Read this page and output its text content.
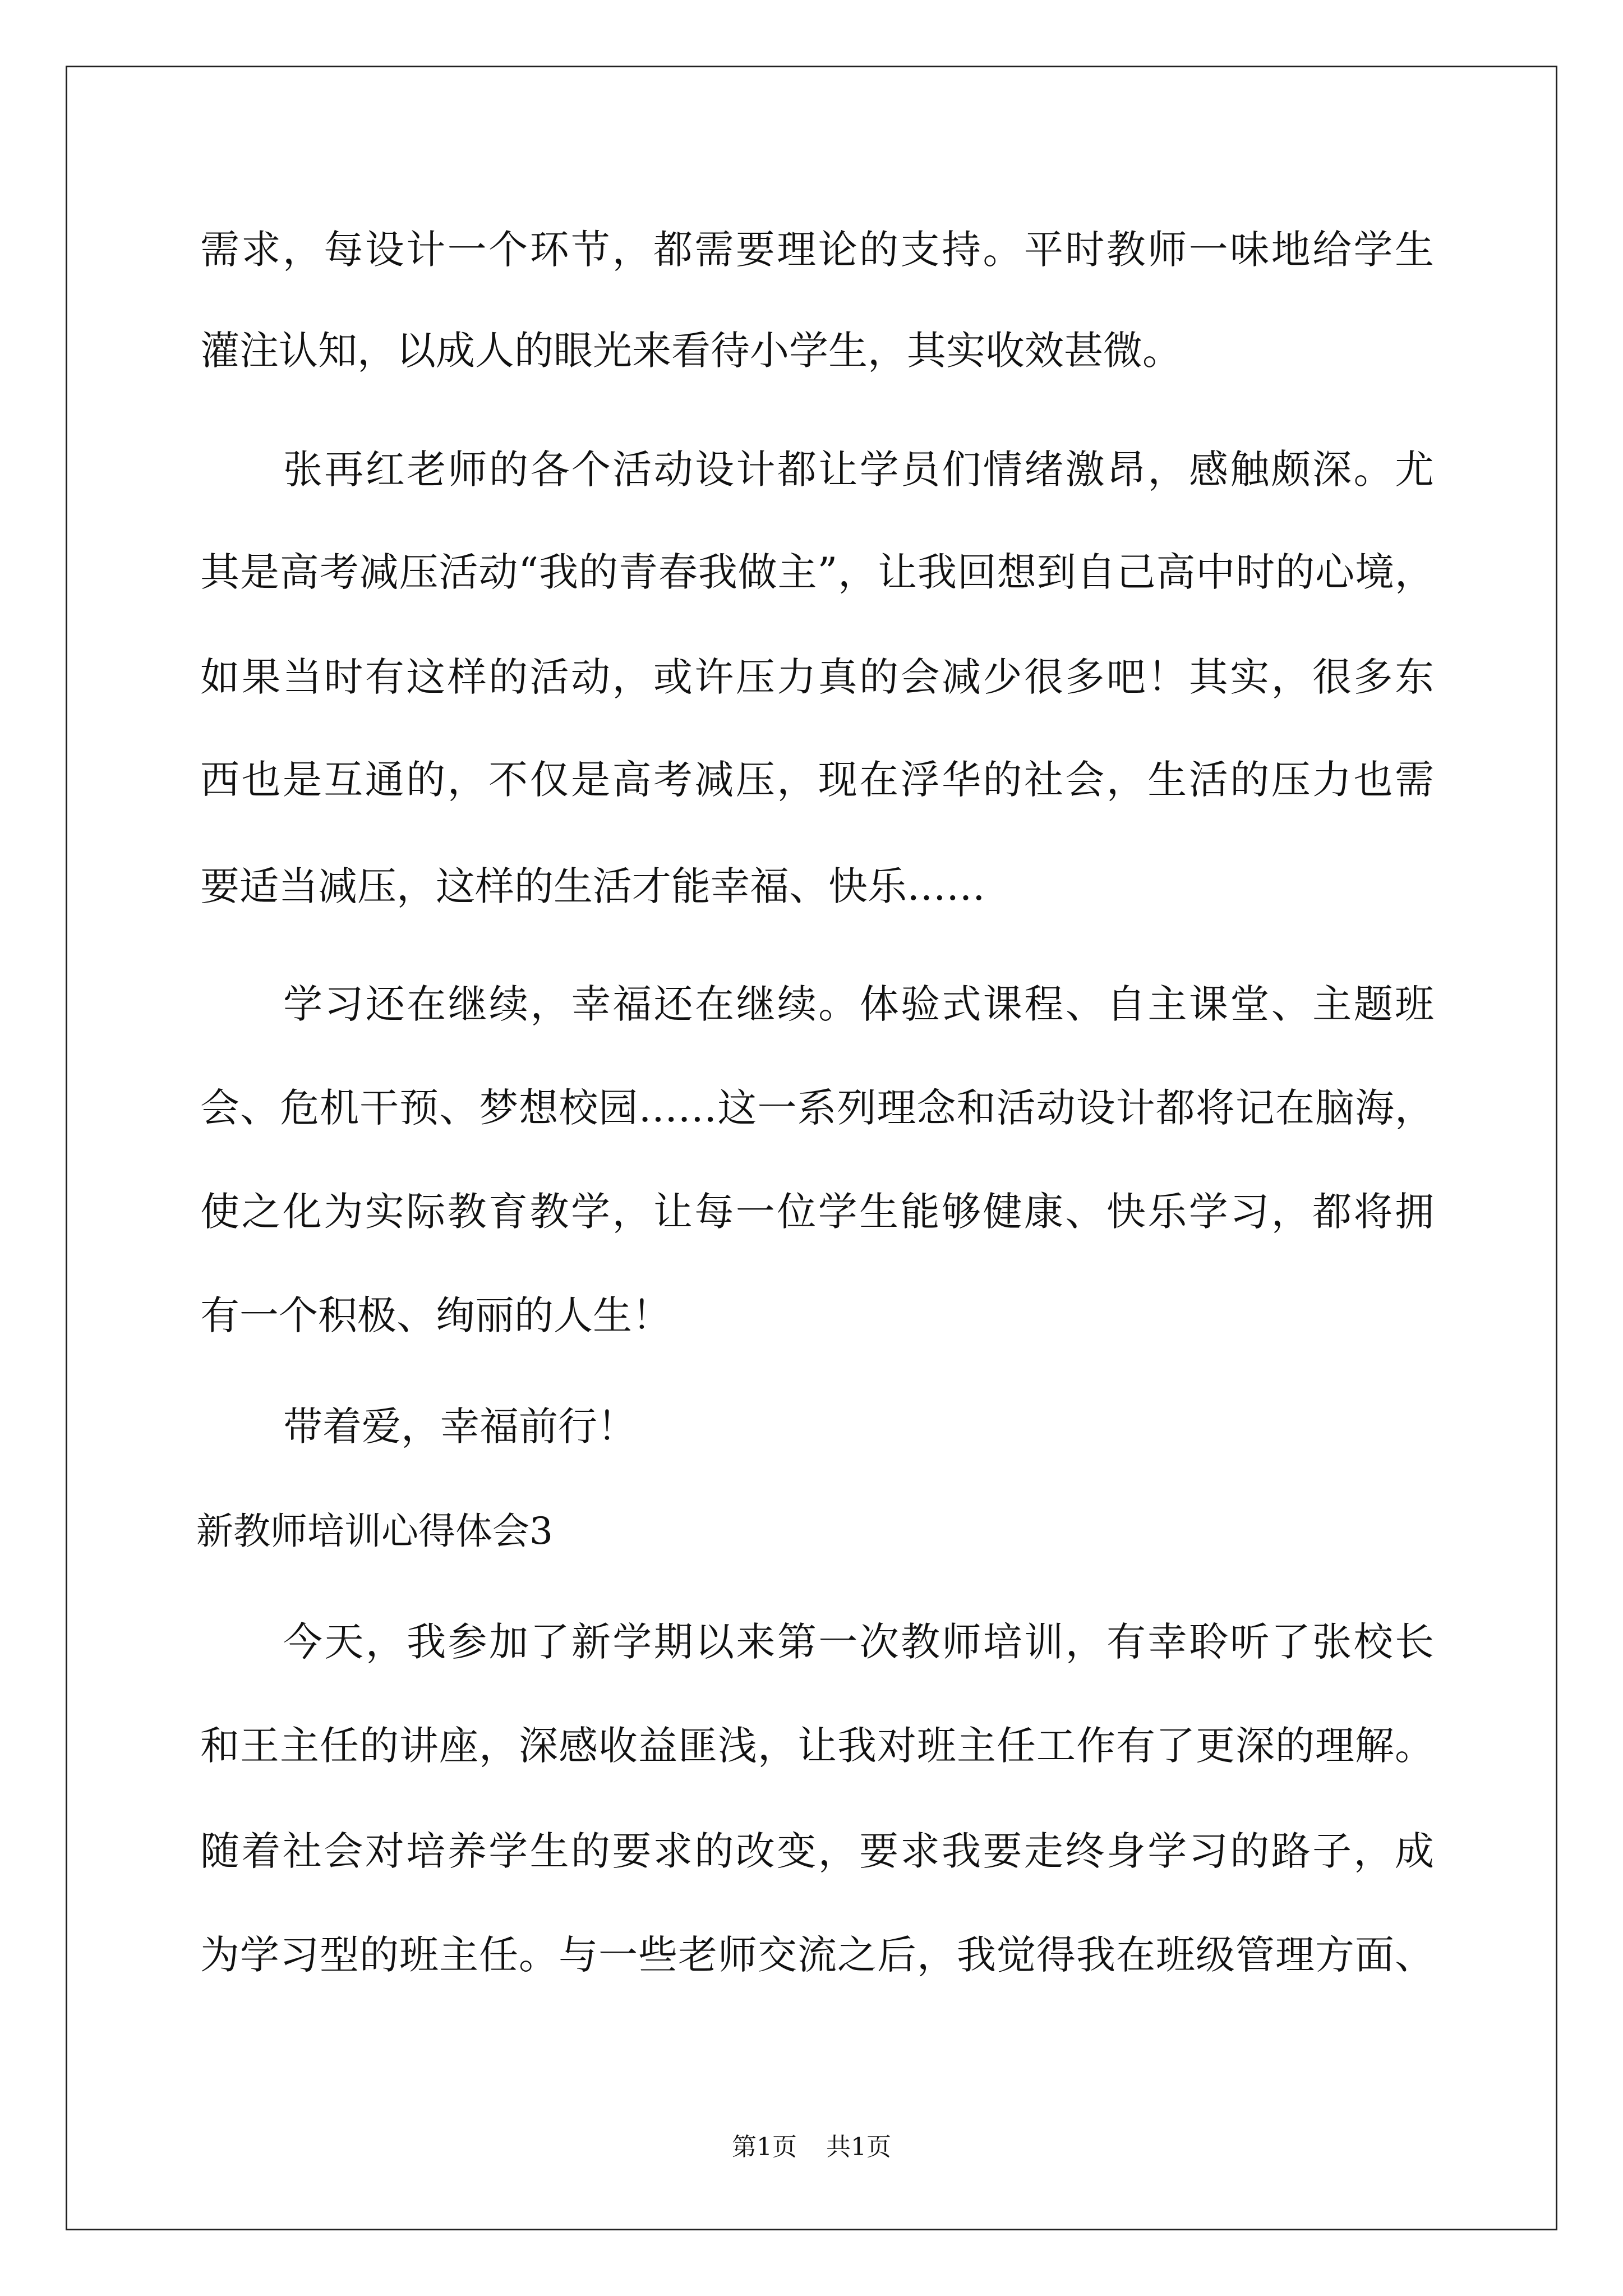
需求，每设计一个环节，都需要理论的支持。平时教师一味地给学生
灌注认知，以成人的眼光来看待小学生，其实收效甚微。
张再红老师的各个活动设计都让学员们情绪激昂，感触颇深。尤
其是高考减压活动“我的青春我做主”，让我回想到自己高中时的心境，
如果当时有这样的活动，或许压力真的会减少很多吧！其实，很多东
西也是互通的，不仅是高考减压，现在浮华的社会，生活的压力也需
要适当减压，这样的生活才能幸福、快乐……
学习还在继续，幸福还在继续。体验式课程、自主课堂、主题班
会、危机干预、梦想校园……这一系列理念和活动设计都将记在脑海，
使之化为实际教育教学，让每一位学生能够健康、快乐学习，都将拥
有一个积极、绚丽的人生！
带着爱，幸福前行！
新教师培训心得体会3
今天，我参加了新学期以来第一次教师培训，有幸聆听了张校长
和王主任的讲座，深感收益匪浅，让我对班主任工作有了更深的理解。
随着社会对培养学生的要求的改变，要求我要走终身学习的路子，成
为学习型的班主任。与一些老师交流之后，我觉得我在班级管理方面、
第1页 共1页
